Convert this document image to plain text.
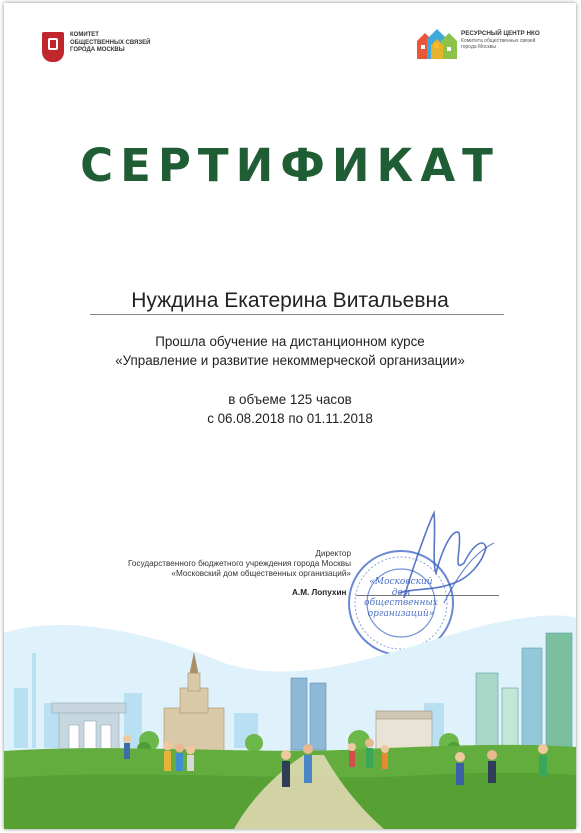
КОМИТЕТ
ОБЩЕСТВЕННЫХ СВЯЗЕЙ
ГОРОДА МОСКВЫ
РЕСУРСНЫЙ ЦЕНТР НКО
Комитета общественных связей
города Москвы
СЕРТИФИКАТ
Нуждина Екатерина Витальевна
Прошла обучение на дистанционном курсе
«Управление и развитие некоммерческой организации»
в объеме 125 часов
с 06.08.2018 по 01.11.2018
Директор
Государственного бюджетного учреждения города Москвы
«Московский дом общественных организаций»
А.М. Лопухин
«Московский
дом
общественных
организаций»
